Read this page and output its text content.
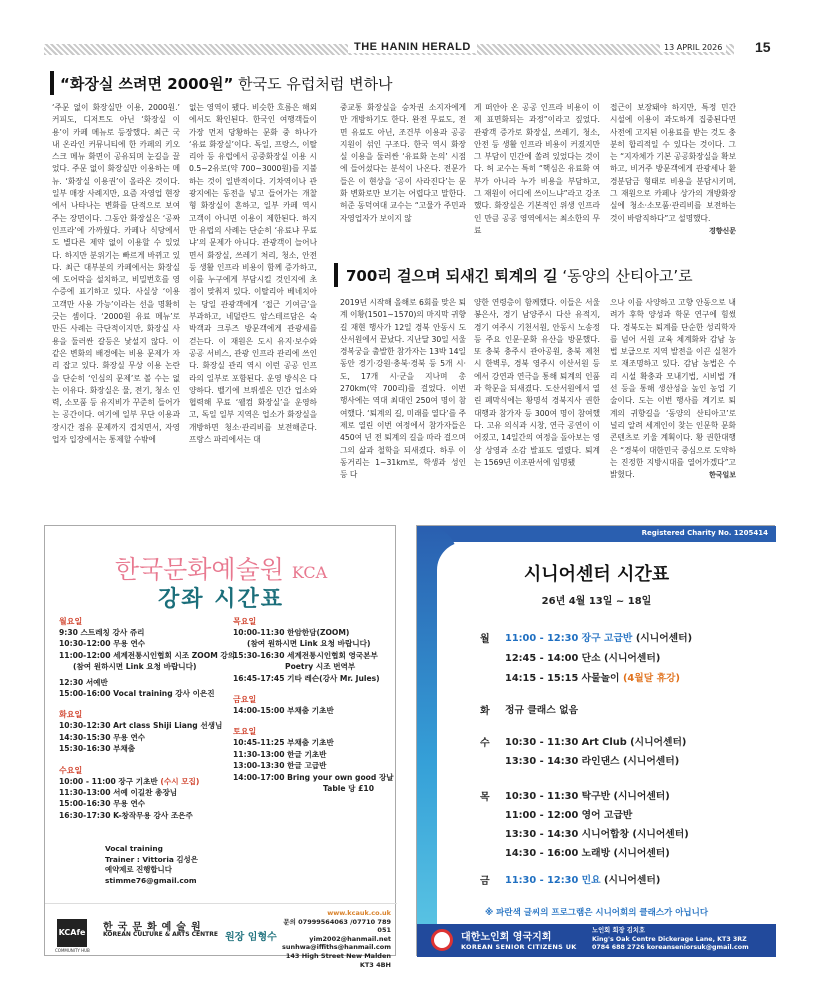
THE HANIN HERALD	13 APRIL 2026 15
“화장실 쓰려면 2000원” 한국도 유럽처럼 변하나
‘주문 없이 화장실만 이용, 2000원.’ 커피도, 디저트도 아닌 ‘화장실 이용’이 카페 메뉴로 등장했다. 최근 국내 온라인 커뮤니티에 한 카페의 키오스크 메뉴 화면이 공유되며 눈길을 끌었다. 주문 없이 화장실만 이용하는 메뉴. ‘화장실 이용권’이 올라온 것이다. 일부 매장 사례지만, 요즘 자영업 현장에서 나타나는 변화를 단적으로 보여주는 장면이다. 그동안 화장실은 ‘공짜 인프라’에 가까웠다. 카페나 식당에서도 별다른 제약 없이 이용할 수 있었다. 하지만 분위기는 빠르게 바뀌고 있다. 최근 대부분의 카페에서는 화장실에 도어락을 설치하고, 비밀번호를 영수증에 표기하고 있다. 사실상 ‘이용 고객만 사용 가능’이라는 선을 명확히 긋는 셈이다. ‘2000원 유료 메뉴’로 만든 사례는 극단적이지만, 화장실 사용을 둘러싼 갈등은 낯설지 않다. 이 같은 변화의 배경에는 비용 문제가 자리 잡고 있다. 화장실 무상 이용 논란을 단순히 ‘인심의 문제’로 볼 수는 없는 이유다. 화장실은 물, 전기, 청소 인력, 소모품 등 유지비가 꾸준히 들어가는 공간이다. 여기에 일부 무단 이용과 장시간 점유 문제까지 겹치면서, 자영업자 입장에서는 통제할 수밖에
없는 영역이 됐다. 비슷한 흐름은 해외에서도 확인된다. 한국인 여행객들이 가장 먼저 당황하는 문화 중 하나가 ‘유료 화장실’이다. 독일, 프랑스, 이탈리아 등 유럽에서 공중화장실 이용 시 0.5~2유로(약 700~3000원)를 지불하는 것이 일반적이다. 기차역이나 관광지에는 동전을 넣고 들어가는 개찰형 화장실이 흔하고, 일부 카페 역시 고객이 아니면 이용이 제한된다. 하지만 유럽의 사례는 단순히 ‘유료냐 무료냐’의 문제가 아니다. 관광객이 늘어나면서 화장실, 쓰레기 처리, 청소, 안전 등 생활 인프라 비용이 함께 증가하고, 이를 누구에게 부담시킬 것인지에 초점이 맞춰져 있다. 이탈리아 베네치아는 당일 관광객에게 ‘접근 기여금’을 부과하고, 네덜란드 암스테르담은 숙박객과 크루즈 방문객에게 관광세를 걷는다. 이 재원은 도시 유지·보수와 공공 서비스, 관광 인프라 관리에 쓰인다. 화장실 관리 역시 이런 공공 인프라의 일부로 포함된다. 운영 방식은 다양하다. 벨기에 브뤼셀은 민간 업소와 협력해 무료 ‘웰컴 화장실’을 운영하고, 독일 일부 지역은 업소가 화장실을 개방하면 청소·관리비를 보전해준다. 프랑스 파리에서는 대
중교통 화장실을 승차권 소지자에게만 개방하기도 한다. 완전 무료도, 전면 유료도 아닌, 조건부 이용과 공공 지원이 섞인 구조다. 한국 역시 화장실 이용을 둘러싼 ‘유료화 논의’ 시점에 들어섰다는 분석이 나온다. 전문가들은 이 현상을 ‘공이 사라진다’는 문화 변화로만 보기는 어렵다고 말한다. 허준 동덕여대 교수는 “고물가 주민과 자영업자가 보이지 않
게 떠안아 온 공공 인프라 비용이 이제 표면화되는 과정”이라고 짚었다. 관광객 증가로 화장실, 쓰레기, 청소, 안전 등 생활 인프라 비용이 커졌지만 그 부담이 민간에 쏠려 있었다는 것이다. 허 교수는 특히 “핵심은 유료화 여부가 아니라 누가 비용을 부담하고, 그 재원이 어디에 쓰이느냐”라고 강조했다. 화장실은 기본적인 위생 인프라인 만큼 공공 영역에서는 최소한의 무료
접근이 보장돼야 하지만, 특정 민간 시설에 이용이 과도하게 집중된다면 사전에 고지된 이용료를 받는 것도 충분히 합리적일 수 있다는 것이다. 그는 “지자체가 기본 공공화장실을 확보하고, 비거주 방문객에게 관광세나 환경분담금 형태로 비용을 분담시키며, 그 재원으로 카페나 상가의 개방화장실에 청소·소모품·관리비를 보전하는 것이 바람직하다”고 설명했다.
경향신문
700리 걸으며 되새긴 퇴계의 길 ‘동양의 산티아고’로
2019년 시작해 올해로 6회를 맞은 퇴계 이황(1501~1570)의 마지막 귀향길 재현 행사가 12일 경북 안동시 도산서원에서 끝났다. 지난달 30일 서울 경복궁을 출발한 참가자는 13박 14일 동안 경기·강원·충북·경북 등 5개 시·도, 17개 시·군을 지나며 총 270km(약 700리)를 걸었다. 이번 행사에는 역대 최대인 250여 명이 참여했다. ‘퇴계의 길, 미래를 열다’를 주제로 열린 이번 여정에서 참가자들은 450여 년 전 퇴계의 길을 따라 걸으며 그의 삶과 철학을 되새겼다. 하루 이동거리는 1~31km로, 학생과 성인 등 다
양한 연령층이 함께했다. 이들은 서울 봉은사, 경기 남양주시 다산 유적지, 경기 여주시 기천서원, 안동시 노송정 등 주요 인문·문화 유산을 방문했다. 또 충북 충주시 관아공원, 충북 제천시 한벽루, 경북 영주시 이산서원 등에서 강연과 연극을 통해 퇴계의 인품과 학문을 되새겼다. 도산서원에서 열린 폐막식에는 황명석 경북지사 권한대행과 참가자 등 300여 명이 참여했다. 고유 의식과 시창, 연극 공연이 이어졌고, 14일간의 여정을 돌아보는 영상 상영과 소감 발표도 열렸다. 퇴계는 1569년 이조판서에 임명됐
으나 이를 사양하고 고향 안동으로 내려가 후학 양성과 학문 연구에 힘썼다. 경북도는 퇴계를 단순한 성리학자를 넘어 서원 교육 체계화와 감남 농법 보급으로 지역 발전을 이끈 실천가로 재조명하고 있다. 감남 농법은 수리 시설 확충과 모내기법, 시비법 개선 등을 통해 생산성을 높인 농업 기술이다. 도는 이번 행사를 계기로 퇴계의 귀향길을 ‘동양의 산티아고’로 널리 알려 세계인이 찾는 인문학 문화 콘텐츠로 키울 계획이다. 황 권한대행은 “경북이 대한민국 중심으로 도약하는 진정한 지방시대를 열어가겠다”고 밝혔다.	한국일보
한국문화예술원 KCA
강좌 시간표
월요일
9:30 스트레칭 강사 쥬리
10:30-12:00 무용 연수
11:00-12:00 세계전통시인협회 시조 ZOOM 강의
(참여 원하시면 Link 요청 바랍니다)
12:30 서예반
15:00-16:00 Vocal training 강사 이은진
화요일
10:30-12:30 Art class Shiji Liang 선생님
14:30-15:30 무용 연수
15:30-16:30 부채춤
수요일
10:00 - 11:00 장구 기초반 (수시 모집)
11:30-13:00 서예 이길찬 총장님
15:00-16:30 무용 연수
16:30-17:30 K-창작무용 강사 조은주
목요일
10:00-11:30 한암한담(ZOOM)
(참여 원하시면 Link 요청 바랍니다)
15:30-16:30 세계전통시인협회 영국본부
Poetry 시조 번역부
16:45-17:45 기타 레슨(강사 Mr. Jules)
금요일
14:00-15:00 부채춤 기초반
토요일
10:45-11:25 부채춤 기초반
11:30-13:00 한글 기초반
13:00-13:30 한글 고급반
14:00-17:00 Bring your own good 장날
Table 당 £10
Vocal training
Trainer : Vittoria 김성은
예약제로 진행합니다
stimme76@gmail.com
KCAfe
COMMUNITY HUB
한국문화예술원
KOREAN CULTURE & ARTS CENTRE 원장 임형수
www.kcauk.co.uk
문의 07999564063 /07710 789 051
yim2002@hanmail.net
sunhwa@iffiths@hanmail.com
143 High Street New Malden KT3 4BH
Registered Charity No. 1205414
시니어센터 시간표
26년 4월 13일 ~ 18일
월 11:00 - 12:30 장구 고급반 (시니어센터)
12:45 - 14:00 단소 (시니어센터)
14:15 - 15:15 사물놀이 (4월달 휴강)
화 정규 클래스 없음
수 10:30 - 11:30 Art Club (시니어센터)
13:30 - 14:30 라인댄스 (시니어센터)
목 10:30 - 11:30 탁구반 (시니어센터)
11:00 - 12:00 영어 고급반
13:30 - 14:30 시니어합창 (시니어센터)
14:30 - 16:00 노래방 (시니어센터)
금 11:30 - 12:30 민요 (시니어센터)
※ 파란색 글씨의 프로그램은 시니어회의 클래스가 아닙니다
대한노인회 영국지회
KOREAN SENIOR CITIZENS UK
노인회 회장 김치호
King's Oak Centre Dickerage Lane, KT3 3RZ
0784 688 2726 koreanseniorsuk@gmail.com
